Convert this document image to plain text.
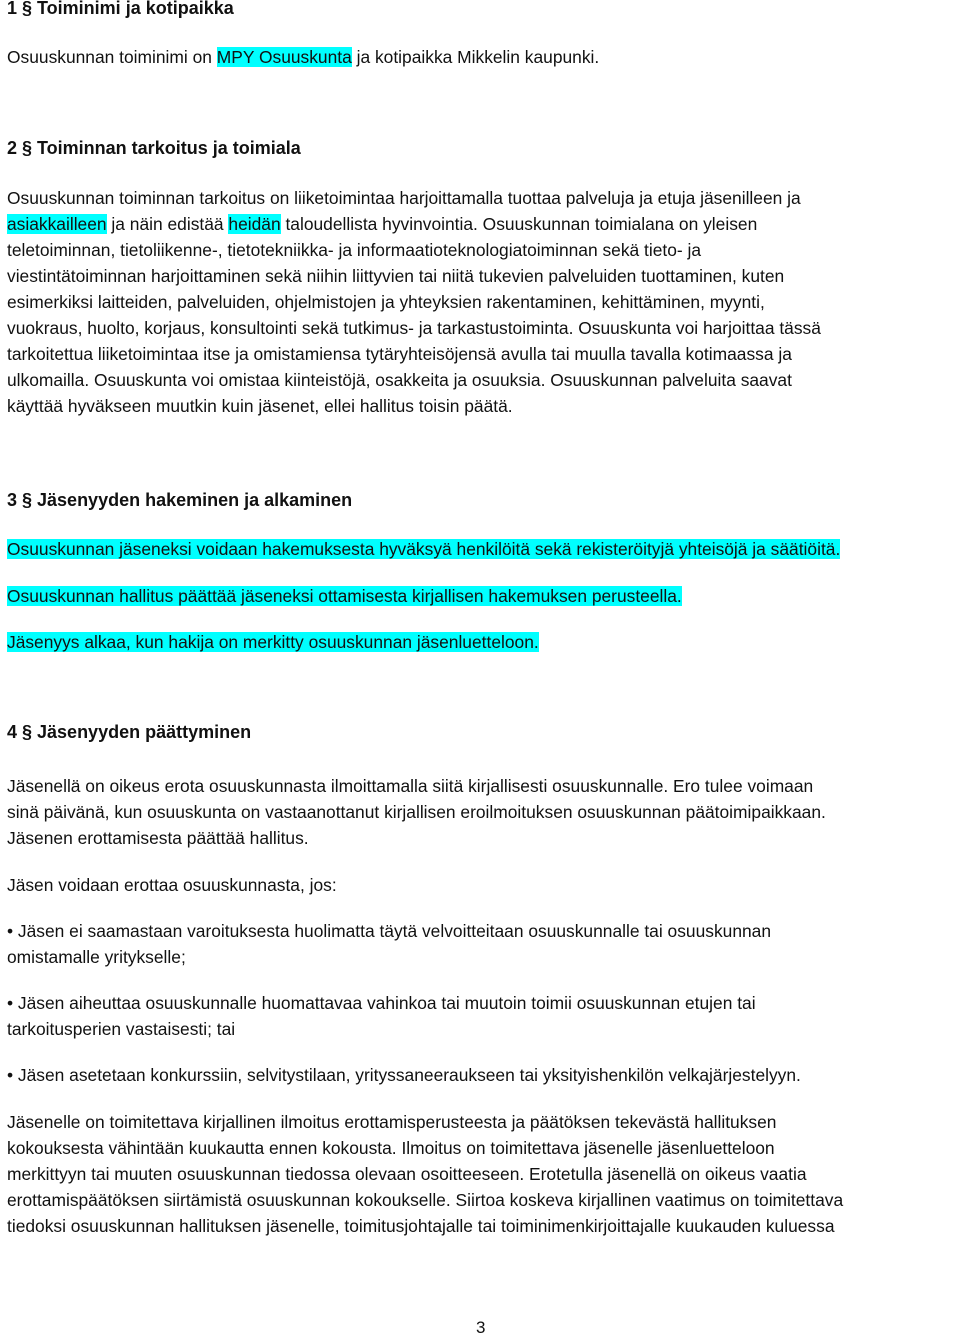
1 § Toiminimi ja kotipaikka
Osuuskunnan toiminimi on MPY Osuuskunta ja kotipaikka Mikkelin kaupunki.
2 § Toiminnan tarkoitus ja toimiala
Osuuskunnan toiminnan tarkoitus on liiketoimintaa harjoittamalla tuottaa palveluja ja etuja jäsenilleen ja
asiakkailleen ja näin edistää heidän taloudellista hyvinvointia. Osuuskunnan toimialana on yleisen
teletoiminnan, tietoliikenne-, tietotekniikka- ja informaatioteknologiatoiminnan sekä tieto- ja
viestintätoiminnan harjoittaminen sekä niihin liittyvien tai niitä tukevien palveluiden tuottaminen, kuten
esimerkiksi laitteiden, palveluiden, ohjelmistojen ja yhteyksien rakentaminen, kehittäminen, myynti,
vuokraus, huolto, korjaus, konsultointi sekä tutkimus- ja tarkastustoiminta. Osuuskunta voi harjoittaa tässä
tarkoitettua liiketoimintaa itse ja omistamiensa tytäryhteisöjensä avulla tai muulla tavalla kotimaassa ja
ulkomailla. Osuuskunta voi omistaa kiinteistöjä, osakkeita ja osuuksia. Osuuskunnan palveluita saavat
käyttää hyväkseen muutkin kuin jäsenet, ellei hallitus toisin päätä.
3 § Jäsenyyden hakeminen ja alkaminen
Osuuskunnan jäseneksi voidaan hakemuksesta hyväksyä henkilöitä sekä rekisteröityjä yhteisöjä ja säätiöitä.
Osuuskunnan hallitus päättää jäseneksi ottamisesta kirjallisen hakemuksen perusteella.
Jäsenyys alkaa, kun hakija on merkitty osuuskunnan jäsenluetteloon.
4 § Jäsenyyden päättyminen
Jäsenellä on oikeus erota osuuskunnasta ilmoittamalla siitä kirjallisesti osuuskunnalle. Ero tulee voimaan
sinä päivänä, kun osuuskunta on vastaanottanut kirjallisen eroilmoituksen osuuskunnan päätoimipaikkaan.
Jäsenen erottamisesta päättää hallitus.
Jäsen voidaan erottaa osuuskunnasta, jos:
• Jäsen ei saamastaan varoituksesta huolimatta täytä velvoitteitaan osuuskunnalle tai osuuskunnan
omistamalle yritykselle;
• Jäsen aiheuttaa osuuskunnalle huomattavaa vahinkoa tai muutoin toimii osuuskunnan etujen tai
tarkoitusperien vastaisesti; tai
• Jäsen asetetaan konkurssiin, selvitystilaan, yrityssaneeraukseen tai yksityishenkilön velkajärjestelyyn.
Jäsenelle on toimitettava kirjallinen ilmoitus erottamisperusteesta ja päätöksen tekevästä hallituksen
kokouksesta vähintään kuukautta ennen kokousta. Ilmoitus on toimitettava jäsenelle jäsenluetteloon
merkittyyn tai muuten osuuskunnan tiedossa olevaan osoitteeseen. Erotetulla jäsenellä on oikeus vaatia
erottamispäätöksen siirtämistä osuuskunnan kokoukselle. Siirtoa koskeva kirjallinen vaatimus on toimitettava
tiedoksi osuuskunnan hallituksen jäsenelle, toimitusjohtajalle tai toiminimenkirjoittajalle kuukauden kuluessa
3
